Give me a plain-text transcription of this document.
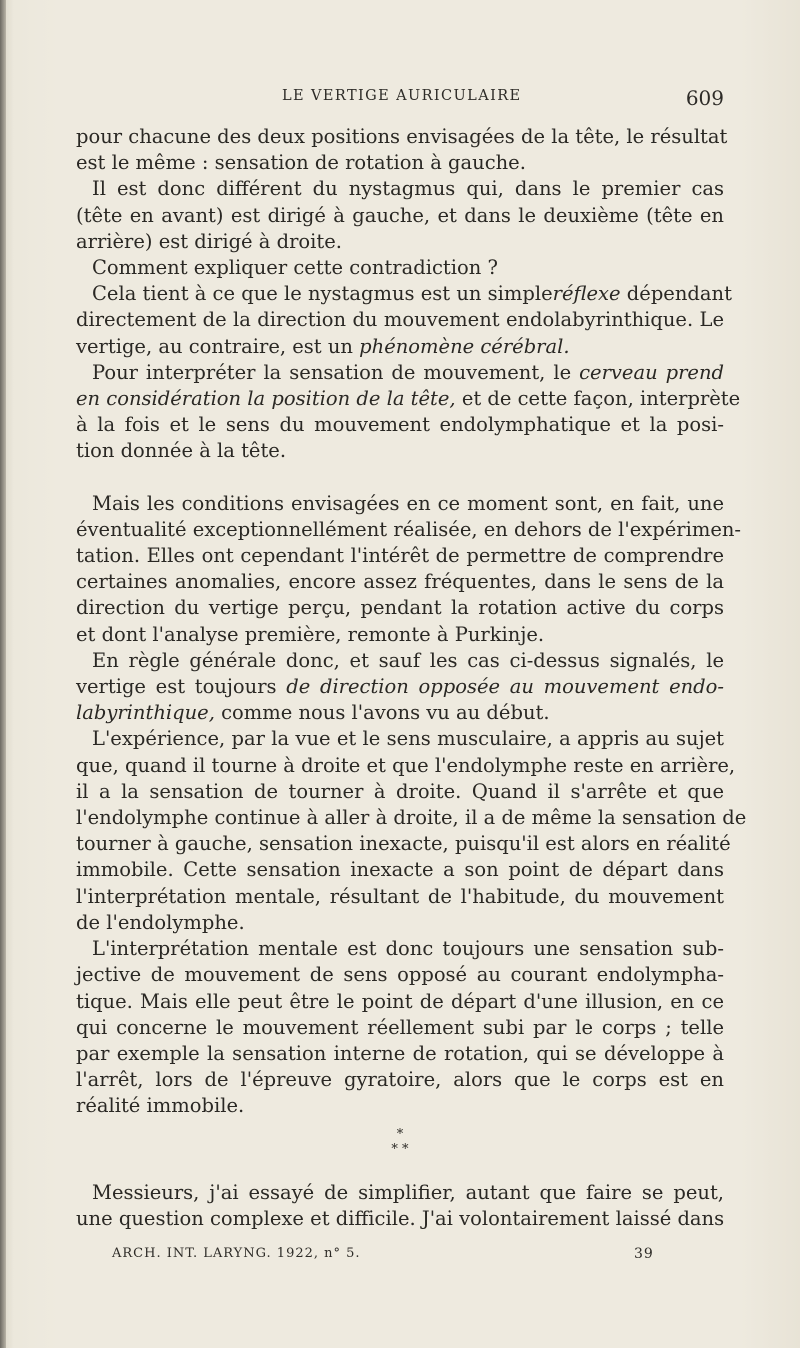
LE VERTIGE AURICULAIRE	609

pour chacune des deux positions envisagées de la tête, le résultat
est le même : sensation de rotation à gauche.

Il est donc différent du nystagmus qui, dans le premier cas
(tête en avant) est dirigé à gauche, et dans le deuxième (tête en
arrière) est dirigé à droite.

Comment expliquer cette contradiction ?

Cela tient à ce que le nystagmus est un simpleréflexe dépendant
directement de la direction du mouvement endolabyrinthique. Le
vertige, au contraire, est un phénomène cérébral.

Pour interpréter la sensation de mouvement, le cerveau prend
en considération la position de la tête, et de cette façon, interprète
à la fois et le sens du mouvement endolymphatique et la posi-
tion donnée à la tête.

Mais les conditions envisagées en ce moment sont, en fait, une
éventualité exceptionnellément réalisée, en dehors de l'expérimen-
tation. Elles ont cependant l'intérêt de permettre de comprendre
certaines anomalies, encore assez fréquentes, dans le sens de la
direction du vertige perçu, pendant la rotation active du corps
et dont l'analyse première, remonte à Purkinje.

En règle générale donc, et sauf les cas ci-dessus signalés, le
vertige est toujours de direction opposée au mouvement endo-
labyrinthique, comme nous l'avons vu au début.

L'expérience, par la vue et le sens musculaire, a appris au sujet
que, quand il tourne à droite et que l'endolymphe reste en arrière,
il a la sensation de tourner à droite. Quand il s'arrête et que
l'endolymphe continue à aller à droite, il a de même la sensation de
tourner à gauche, sensation inexacte, puisqu'il est alors en réalité
immobile. Cette sensation inexacte a son point de départ dans
l'interprétation mentale, résultant de l'habitude, du mouvement
de l'endolymphe.

L'interprétation mentale est donc toujours une sensation sub-
jective de mouvement de sens opposé au courant endolympha-
tique. Mais elle peut être le point de départ d'une illusion, en ce
qui concerne le mouvement réellement subi par le corps ; telle
par exemple la sensation interne de rotation, qui se développe à
l'arrêt, lors de l'épreuve gyratoire, alors que le corps est en
réalité immobile.

*
* *

Messieurs, j'ai essayé de simplifier, autant que faire se peut,
une question complexe et difficile. J'ai volontairement laissé dans

ARCH. INT. LARYNG. 1922, n° 5.	39
